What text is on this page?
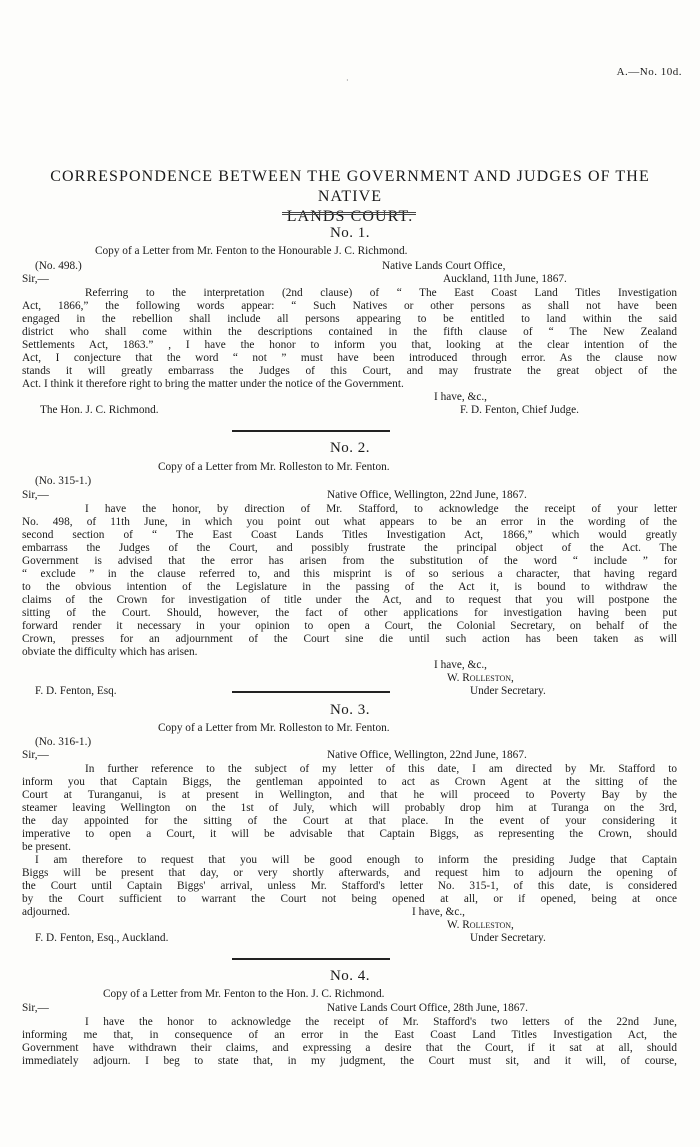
A.—No. 10d.
·
CORRESPONDENCE BETWEEN THE GOVERNMENT AND JUDGES OF THE NATIVE
LANDS COURT.
No. 1.
Copy of a Letter from Mr. Fenton to the Honourable J. C. Richmond.
(No. 498.)	Native Lands Court Office,
Sir,—	Auckland, 11th June, 1867.
Referring to the interpretation (2nd clause) of “ The East Coast Land Titles Investigation
Act, 1866,” the following words appear: “ Such Natives or other persons as shall not have been
engaged in the rebellion shall include all persons appearing to be entitled to land within the said
district who shall come within the descriptions contained in the fifth clause of “ The New Zealand
Settlements Act, 1863.” , I have the honor to inform you that, looking at the clear intention of the
Act, I conjecture that the word “ not ” must have been introduced through error. As the clause now
stands it will greatly embarrass the Judges of this Court, and may frustrate the great object of the
Act. I think it therefore right to bring the matter under the notice of the Government.
I have, &c.,
The Hon. J. C. Richmond.	F. D. Fenton, Chief Judge.
No. 2.
Copy of a Letter from Mr. Rolleston to Mr. Fenton.
(No. 315-1.)
Sir,—	Native Office, Wellington, 22nd June, 1867.
I have the honor, by direction of Mr. Stafford, to acknowledge the receipt of your letter
No. 498, of 11th June, in which you point out what appears to be an error in the wording of the
second section of “ The East Coast Lands Titles Investigation Act, 1866,” which would greatly
embarrass the Judges of the Court, and possibly frustrate the principal object of the Act. The
Government is advised that the error has arisen from the substitution of the word “ include ” for
“ exclude ” in the clause referred to, and this misprint is of so serious a character, that having regard
to the obvious intention of the Legislature in the passing of the Act it, is bound to withdraw the
claims of the Crown for investigation of title under the Act, and to request that you will postpone the
sitting of the Court. Should, however, the fact of other applications for investigation having been put
forward render it necessary in your opinion to open a Court, the Colonial Secretary, on behalf of the
Crown, presses for an adjournment of the Court sine die until such action has been taken as will
obviate the difficulty which has arisen.
I have, &c.,
W. Rolleston,
F. D. Fenton, Esq.	Under Secretary.
No. 3.
Copy of a Letter from Mr. Rolleston to Mr. Fenton.
(No. 316-1.)
Sir,—	Native Office, Wellington, 22nd June, 1867.
In further reference to the subject of my letter of this date, I am directed by Mr. Stafford to
inform you that Captain Biggs, the gentleman appointed to act as Crown Agent at the sitting of the
Court at Turanganui, is at present in Wellington, and that he will proceed to Poverty Bay by the
steamer leaving Wellington on the 1st of July, which will probably drop him at Turanga on the 3rd,
the day appointed for the sitting of the Court at that place. In the event of your considering it
imperative to open a Court, it will be advisable that Captain Biggs, as representing the Crown, should
be present.
I am therefore to request that you will be good enough to inform the presiding Judge that Captain
Biggs will be present that day, or very shortly afterwards, and request him to adjourn the opening of
the Court until Captain Biggs' arrival, unless Mr. Stafford's letter No. 315-1, of this date, is considered
by the Court sufficient to warrant the Court not being opened at all, or if opened, being at once
adjourned.	I have, &c.,
W. Rolleston,
F. D. Fenton, Esq., Auckland.	Under Secretary.
No. 4.
Copy of a Letter from Mr. Fenton to the Hon. J. C. Richmond.
Sir,—	Native Lands Court Office, 28th June, 1867.
I have the honor to acknowledge the receipt of Mr. Stafford's two letters of the 22nd June,
informing me that, in consequence of an error in the East Coast Land Titles Investigation Act, the
Government have withdrawn their claims, and expressing a desire that the Court, if it sat at all, should
immediately adjourn. I beg to state that, in my judgment, the Court must sit, and it will, of course,
